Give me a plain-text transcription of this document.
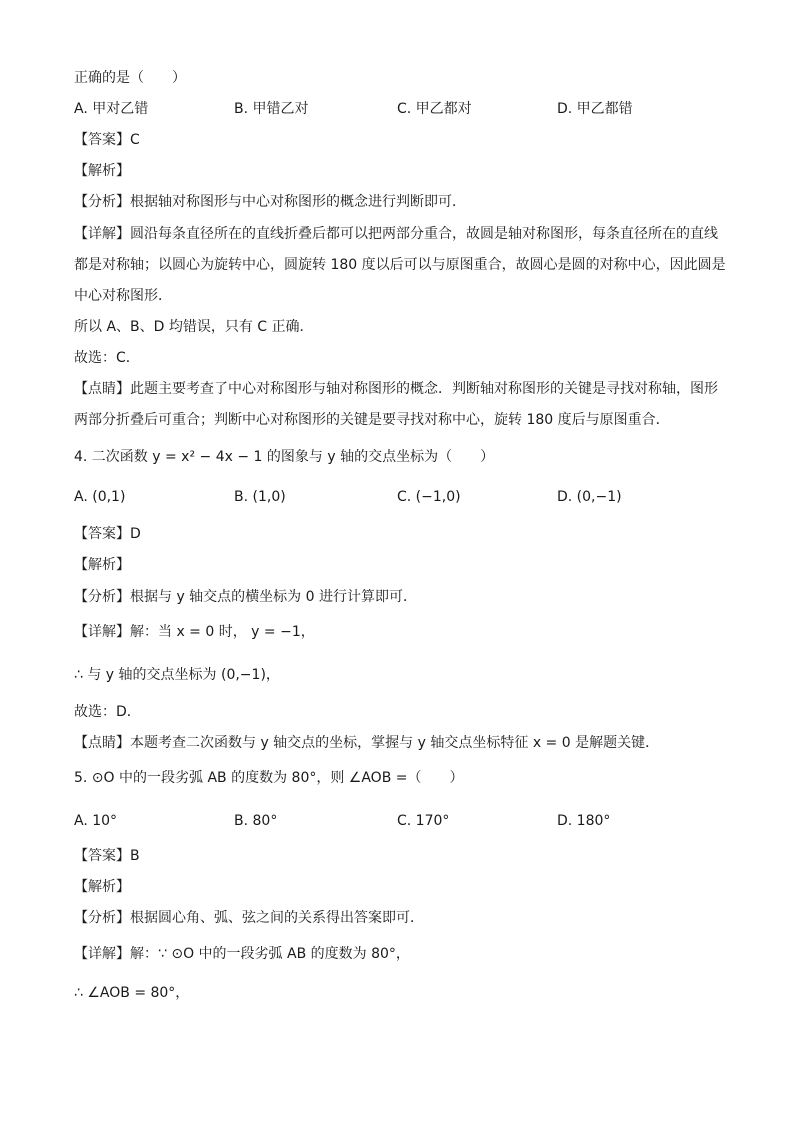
正确的是（　　）
A. 甲对乙错	B. 甲错乙对	C. 甲乙都对	D. 甲乙都错
【答案】C
【解析】
【分析】根据轴对称图形与中心对称图形的概念进行判断即可．
【详解】圆沿每条直径所在的直线折叠后都可以把两部分重合，故圆是轴对称图形，每条直径所在的直线
都是对称轴；以圆心为旋转中心，圆旋转 180 度以后可以与原图重合，故圆心是圆的对称中心，因此圆是
中心对称图形．
所以 A、B、D 均错误，只有 C 正确．
故选：C．
【点睛】此题主要考查了中心对称图形与轴对称图形的概念．判断轴对称图形的关键是寻找对称轴，图形
两部分折叠后可重合；判断中心对称图形的关键是要寻找对称中心，旋转 180 度后与原图重合．
4. 二次函数 y = x² − 4x − 1 的图象与 y 轴的交点坐标为（　　）
A. (0,1)	B. (1,0)	C. (−1,0)	D. (0,−1)
【答案】D
【解析】
【分析】根据与 y 轴交点的横坐标为 0 进行计算即可．
【详解】解：当 x = 0 时， y = −1，
∴ 与 y 轴的交点坐标为 (0,−1)，
故选：D．
【点睛】本题考查二次函数与 y 轴交点的坐标，掌握与 y 轴交点坐标特征 x = 0 是解题关键．
5. ⊙O 中的一段劣弧 AB 的度数为 80°，则 ∠AOB =（　　）
A. 10°	B. 80°	C. 170°	D. 180°
【答案】B
【解析】
【分析】根据圆心角、弧、弦之间的关系得出答案即可．
【详解】解：∵ ⊙O 中的一段劣弧 AB 的度数为 80°，
∴ ∠AOB = 80°，
